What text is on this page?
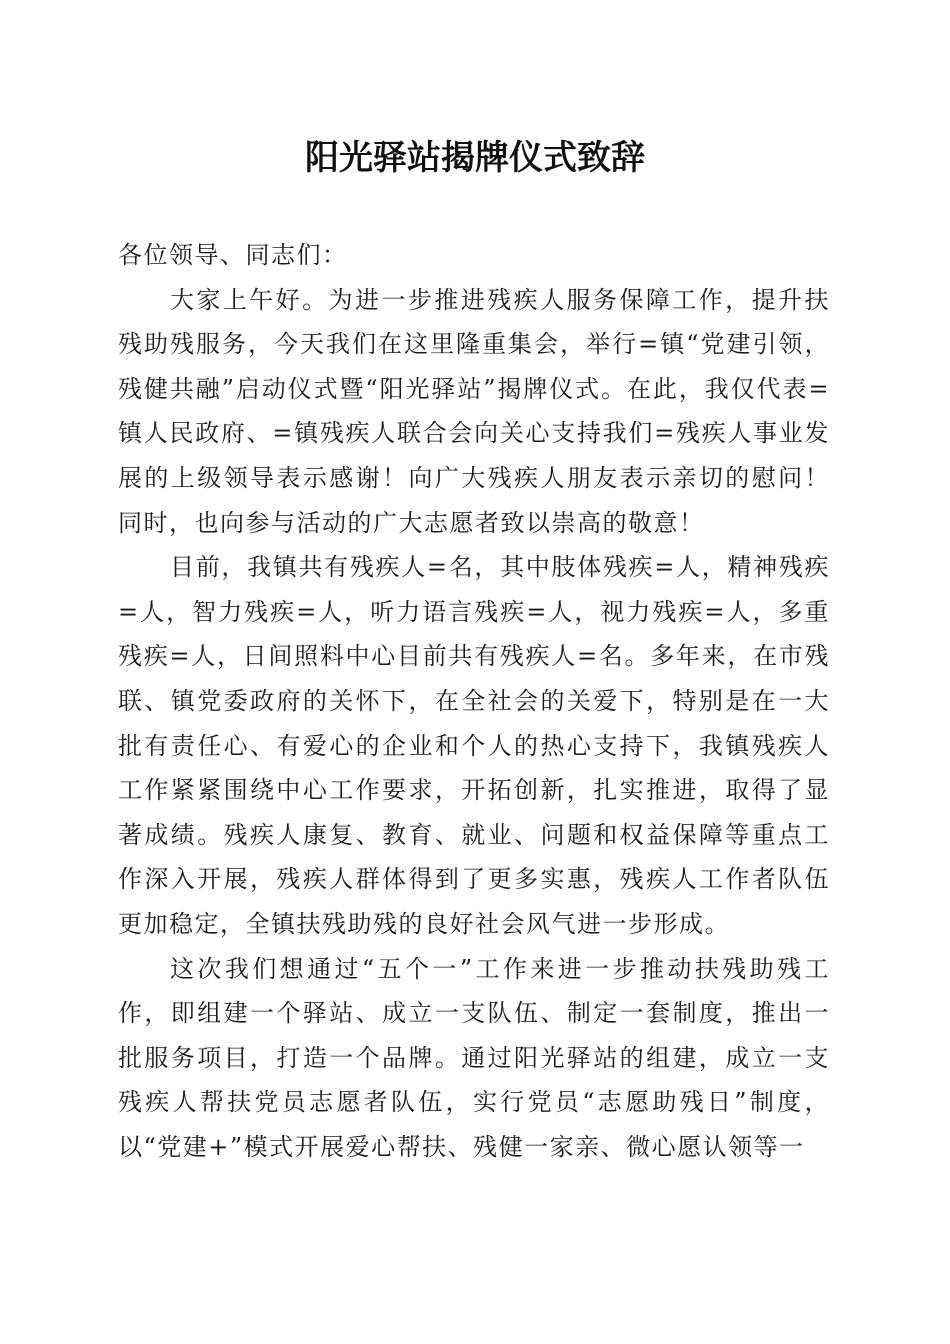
阳光驿站揭牌仪式致辞

各位领导、同志们：

大家上午好。为进一步推进残疾人服务保障工作，提升扶残助残服务，今天我们在这里隆重集会，举行=镇“党建引领，残健共融”启动仪式暨“阳光驿站”揭牌仪式。在此，我仅代表=镇人民政府、=镇残疾人联合会向关心支持我们=残疾人事业发展的上级领导表示感谢！向广大残疾人朋友表示亲切的慰问！同时，也向参与活动的广大志愿者致以崇高的敬意！

目前，我镇共有残疾人=名，其中肢体残疾=人，精神残疾=人，智力残疾=人，听力语言残疾=人，视力残疾=人，多重残疾=人，日间照料中心目前共有残疾人=名。多年来，在市残联、镇党委政府的关怀下，在全社会的关爱下，特别是在一大批有责任心、有爱心的企业和个人的热心支持下，我镇残疾人工作紧紧围绕中心工作要求，开拓创新，扎实推进，取得了显著成绩。残疾人康复、教育、就业、问题和权益保障等重点工作深入开展，残疾人群体得到了更多实惠，残疾人工作者队伍更加稳定，全镇扶残助残的良好社会风气进一步形成。

这次我们想通过“五个一”工作来进一步推动扶残助残工作，即组建一个驿站、成立一支队伍、制定一套制度，推出一批服务项目，打造一个品牌。通过阳光驿站的组建，成立一支残疾人帮扶党员志愿者队伍，实行党员“志愿助残日”制度，以“党建+”模式开展爱心帮扶、残健一家亲、微心愿认领等一
